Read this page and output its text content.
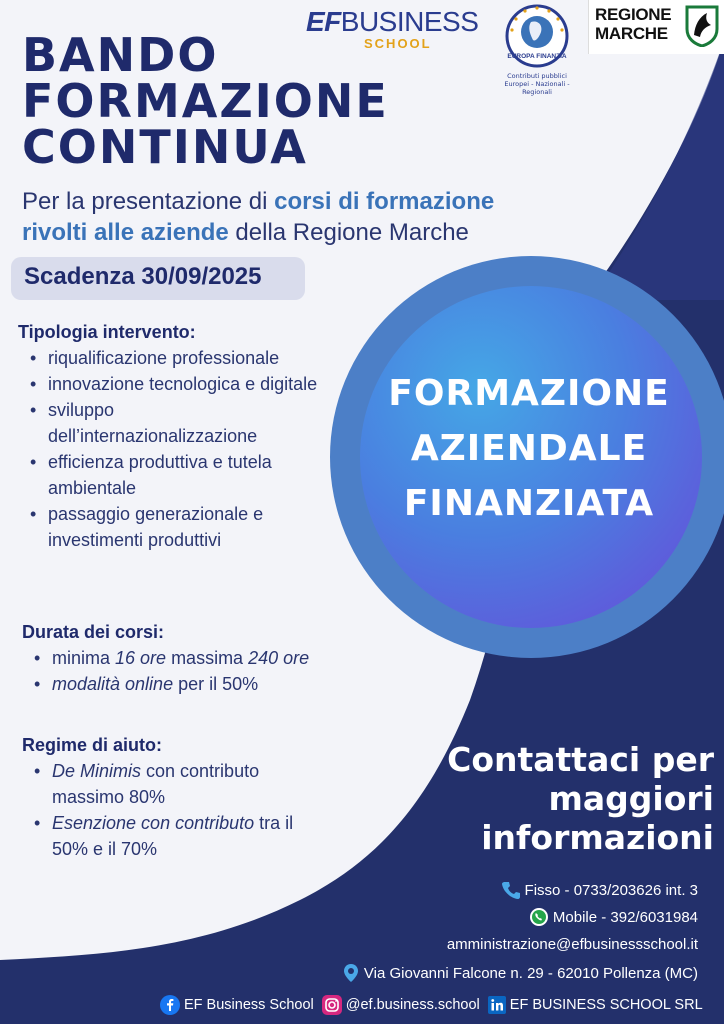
EFBUSINESS
SCHOOL
EUROPA FINANZIA
Contributi pubblici
Europei - Nazionali - Regionali
REGIONE
MARCHE
BANDO
FORMAZIONE
CONTINUA
Per la presentazione di corsi di formazione
rivolti alle aziende della Regione Marche
Scadenza 30/09/2025
Tipologia intervento:
• riqualificazione professionale
• innovazione tecnologica e digitale
• sviluppo dell’internazionalizzazione
• efficienza produttiva e tutela ambientale
• passaggio generazionale e investimenti produttivi
Durata dei corsi:
• minima 16 ore massima 240 ore
• modalità online per il 50%
Regime di aiuto:
• De Minimis con contributo massimo 80%
• Esenzione con contributo tra il 50% e il 70%
FORMAZIONE
AZIENDALE
FINANZIATA
Contattaci per
maggiori
informazioni
Fisso - 0733/203626 int. 3
Mobile - 392/6031984
amministrazione@efbusinessschool.it
Via Giovanni Falcone n. 29 - 62010 Pollenza (MC)
EF Business School @ef.business.school EF BUSINESS SCHOOL SRL
